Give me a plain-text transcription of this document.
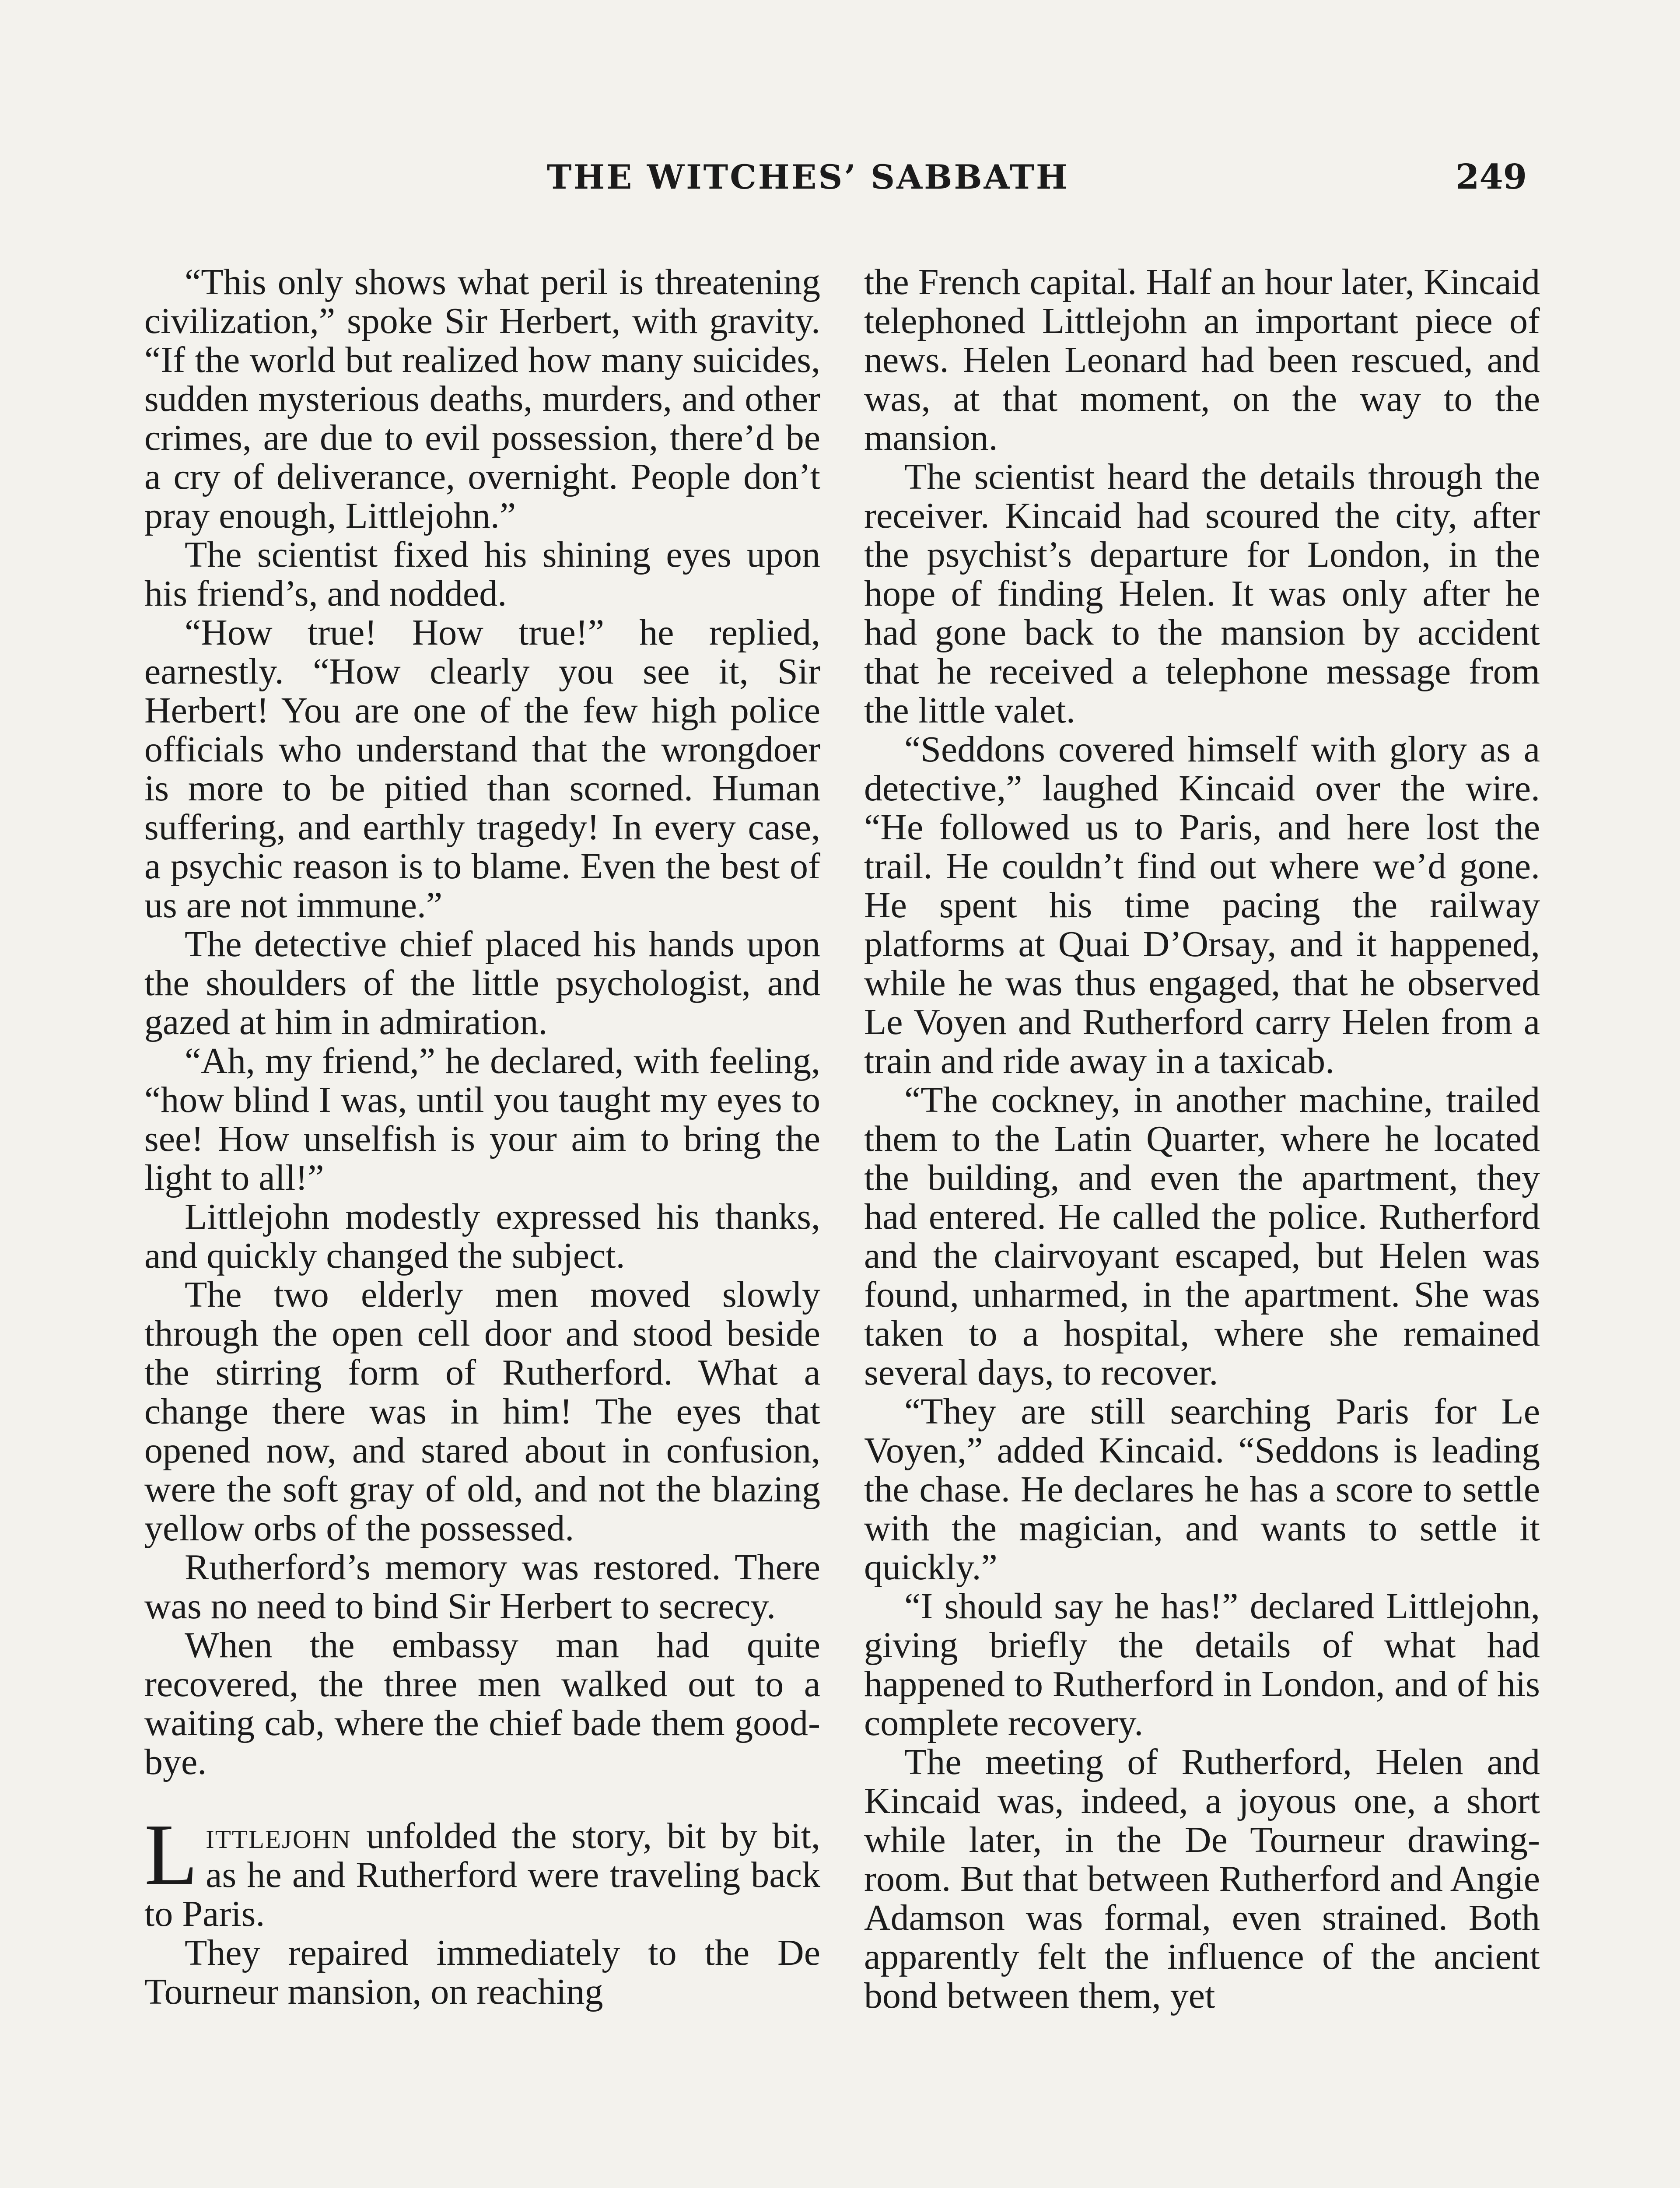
THE WITCHES’ SABBATH	249

“This only shows what peril is threatening civilization,” spoke Sir Herbert, with gravity. “If the world but realized how many suicides, sudden mysterious deaths, murders, and other crimes, are due to evil possession, there’d be a cry of deliverance, overnight. People don’t pray enough, Littlejohn.”

The scientist fixed his shining eyes upon his friend’s, and nodded.

“How true! How true!” he replied, earnestly. “How clearly you see it, Sir Herbert! You are one of the few high police officials who understand that the wrongdoer is more to be pitied than scorned. Human suffering, and earthly tragedy! In every case, a psychic reason is to blame. Even the best of us are not immune.”

The detective chief placed his hands upon the shoulders of the little psychologist, and gazed at him in admiration.

“Ah, my friend,” he declared, with feeling, “how blind I was, until you taught my eyes to see! How unselfish is your aim to bring the light to all!”

Littlejohn modestly expressed his thanks, and quickly changed the subject.

The two elderly men moved slowly through the open cell door and stood beside the stirring form of Rutherford. What a change there was in him! The eyes that opened now, and stared about in confusion, were the soft gray of old, and not the blazing yellow orbs of the possessed.

Rutherford’s memory was restored. There was no need to bind Sir Herbert to secrecy.

When the embassy man had quite recovered, the three men walked out to a waiting cab, where the chief bade them good-bye.

Littlejohn unfolded the story, bit by bit, as he and Rutherford were traveling back to Paris.

They repaired immediately to the De Tourneur mansion, on reaching

the French capital. Half an hour later, Kincaid telephoned Littlejohn an important piece of news. Helen Leonard had been rescued, and was, at that moment, on the way to the mansion.

The scientist heard the details through the receiver. Kincaid had scoured the city, after the psychist’s departure for London, in the hope of finding Helen. It was only after he had gone back to the mansion by accident that he received a telephone message from the little valet.

“Seddons covered himself with glory as a detective,” laughed Kincaid over the wire. “He followed us to Paris, and here lost the trail. He couldn’t find out where we’d gone. He spent his time pacing the railway platforms at Quai D’Orsay, and it happened, while he was thus engaged, that he observed Le Voyen and Rutherford carry Helen from a train and ride away in a taxicab.

“The cockney, in another machine, trailed them to the Latin Quarter, where he located the building, and even the apartment, they had entered. He called the police. Rutherford and the clairvoyant escaped, but Helen was found, unharmed, in the apartment. She was taken to a hospital, where she remained several days, to recover.

“They are still searching Paris for Le Voyen,” added Kincaid. “Seddons is leading the chase. He declares he has a score to settle with the magician, and wants to settle it quickly.”

“I should say he has!” declared Littlejohn, giving briefly the details of what had happened to Rutherford in London, and of his complete recovery.

The meeting of Rutherford, Helen and Kincaid was, indeed, a joyous one, a short while later, in the De Tourneur drawing-room. But that between Rutherford and Angie Adamson was formal, even strained. Both apparently felt the influence of the ancient bond between them, yet
